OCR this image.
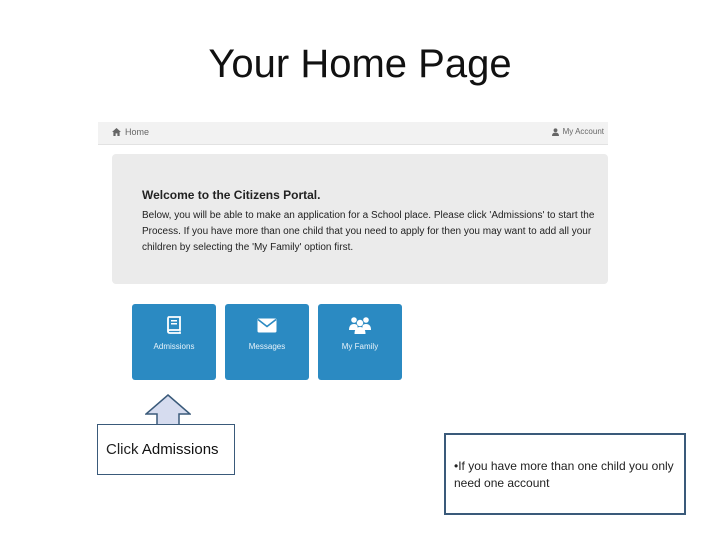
Your Home Page
Home	My Account
Welcome to the Citizens Portal.
Below, you will be able to make an application for a School place. Please click 'Admissions' to start the Process. If you have more than one child that you need to apply for then you may want to add all your children by selecting the 'My Family' option first.
Admissions	Messages	My Family
Click Admissions
•If you have more than one child you only need one account
